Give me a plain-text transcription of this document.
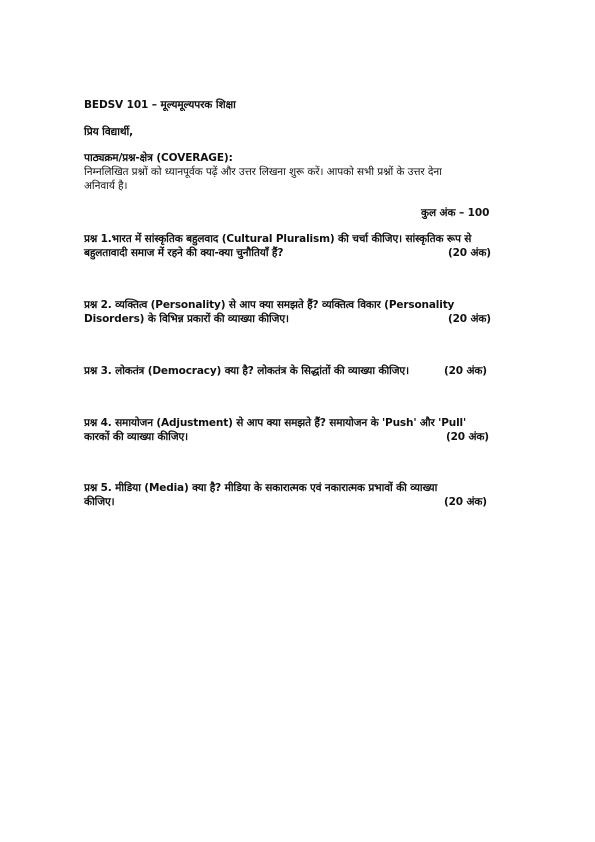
BEDSV 101 – मूल्यमूल्यपरक शिक्षा
प्रिय विद्यार्थी,
पाठ्यक्रम/प्रश्न-क्षेत्र (COVERAGE):
निम्नलिखित प्रश्नों को ध्यानपूर्वक पढ़ें और उत्तर लिखना शुरू करें। आपको सभी प्रश्नों के उत्तर देना
अनिवार्य है।
कुल अंक – 100
प्रश्न 1.भारत में सांस्कृतिक बहुलवाद (Cultural Pluralism) की चर्चा कीजिए। सांस्कृतिक रूप से
बहुलतावादी समाज में रहने की क्या-क्या चुनौतियाँ हैं?	(20 अंक)
प्रश्न 2. व्यक्तित्व (Personality) से आप क्या समझते हैं? व्यक्तित्व विकार (Personality
Disorders) के विभिन्न प्रकारों की व्याख्या कीजिए।	(20 अंक)
प्रश्न 3. लोकतंत्र (Democracy) क्या है? लोकतंत्र के सिद्धांतों की व्याख्या कीजिए।	(20 अंक)
प्रश्न 4. समायोजन (Adjustment) से आप क्या समझते हैं? समायोजन के 'Push' और 'Pull'
कारकों की व्याख्या कीजिए।	(20 अंक)
प्रश्न 5. मीडिया (Media) क्या है? मीडिया के सकारात्मक एवं नकारात्मक प्रभावों की व्याख्या
कीजिए।	(20 अंक)
